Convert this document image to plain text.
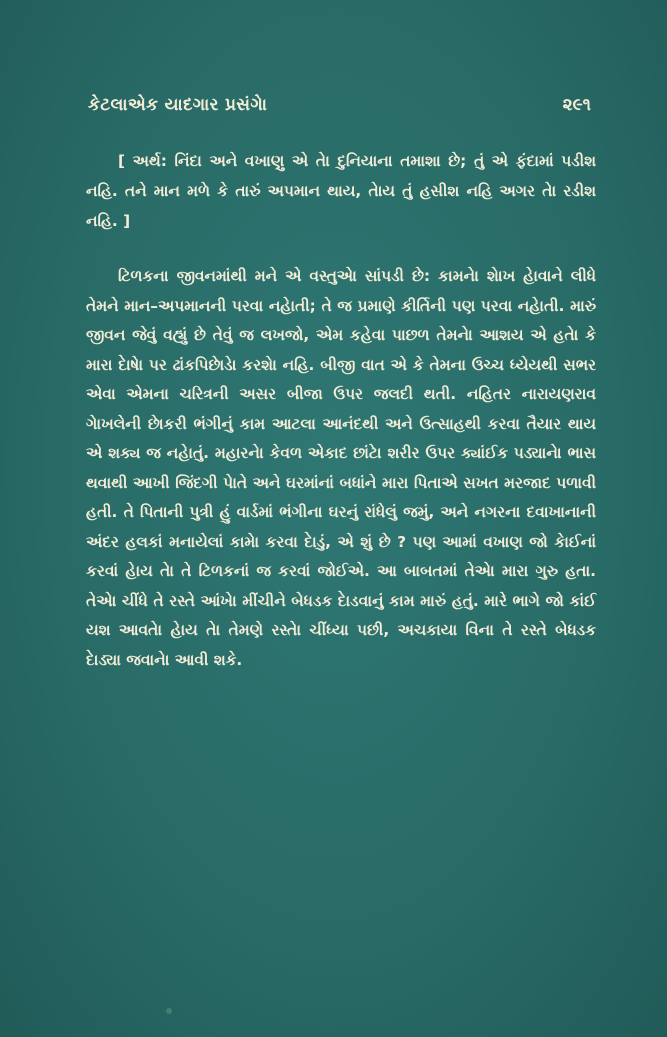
કેટલાએક યાદગાર પ્રસંગેા	૨૯૧

[ અર્થ: નિંદા અને વખાણુ એ તેા દુનિયાના તમાશા છે; તું એ ફંદામાં પડીશ નહિ. તને માન મળે કે તારું અપમાન થાય, તેાય તું હસીશ નહિ અગર તેા રડીશ નહિ. ]

ટિળકના જીવનમાંથી મને એ વસ્તુએા સાંપડી છે: કામનેા શેાખ હેાવાને લીધે તેમને માન–અપમાનની પરવા નહેાતી; તે જ પ્રમાણે કીર્તિની પણ પરવા નહેાતી. મારું જીવન જેવું વહ્યું છે તેવું જ લખજો, એમ કહેવા પાછળ તેમનેા આશય એ હતેા કે મારા દેાષેા પર ઢાંકપિછેાડેા કરશેા નહિ. બીજી વાત એ કે તેમના ઉચ્ચ ધ્યેયથી સભર એવા એમના ચરિત્રની અસર બીજા ઉપર જલદી થતી. નહિતર નારાયણરાવ ગેાખલેની છેાકરી ભંગીનું કામ આટલા આનંદથી અને ઉત્સાહથી કરવા તૈયાર થાય એ શક્ય જ નહેાતું. મહારનેા કેવળ એકાદ છાંટેા શરીર ઉપર ક્યાંઈક પડ્યાનેા ભાસ થવાથી આખી જિંદગી પેાતે અને ઘરમાંનાં બધાંને મારા પિતાએ સખત મરજાદ પળાવી હતી. તે પિતાની પુત્રી હું વાર્ડમાં ભંગીના ઘરનું રાંધેલું જમું, અને નગરના દવાખાનાની અંદર હલકાં મનાયેલાં કામેા કરવા દેાડું, એ શું છે ? પણ આમાં વખાણ જો કેાઈનાં કરવાં હેાય તેા તે ટિળકનાં જ કરવાં જોઈએ. આ બાબતમાં તેએા મારા ગુરુ હતા. તેએા ચીંધે તે રસ્તે આંખેા મીંચીને બેધડક દેાડવાનું કામ મારું હતું. મારે ભાગે જો કાંઈ યશ આવતેા હેાય તેા તેમણે રસ્તેા ચીંધ્યા પછી, અચકાયા વિના તે રસ્તે બેધડક દેાડ્યા જવાનેા આવી શકે.
